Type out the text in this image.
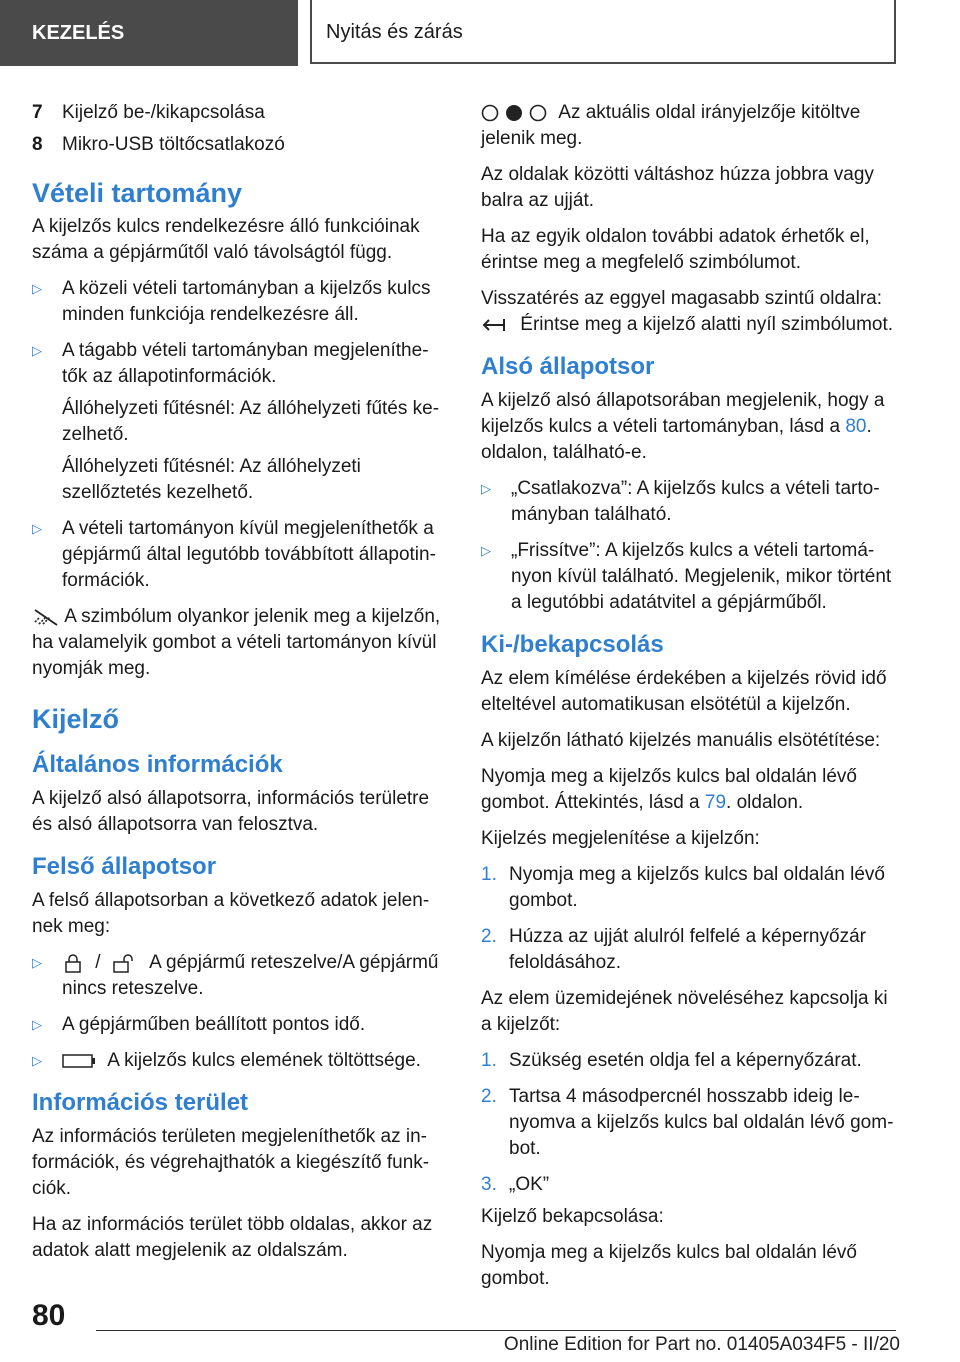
KEZELÉS	Nyitás és zárás
7	Kijelző be-/kikapcsolása
8	Mikro-USB töltőcsatlakozó
Vételi tartomány

A kijelzős kulcs rendelkezésre álló funkcióinak száma a gépjárműtől való távolságtól függ.

▷	A közeli vételi tartományban a kijelzős kulcs minden funkciója rendelkezésre áll.

▷	A tágabb vételi tartományban megjeleníthetők az állapotinformációk.

Állóhelyzeti fűtésnél: Az állóhelyzeti fűtés kezelhető.

Állóhelyzeti fűtésnél: Az állóhelyzeti szellőztetés kezelhető.

▷	A vételi tartományon kívül megjeleníthetők a gépjármű által legutóbb továbbított állapotinformációk.

A szimbólum olyankor jelenik meg a kijelzőn, ha valamelyik gombot a vételi tartományon kívül nyomják meg.

Kijelző
Általános információk

A kijelző alsó állapotsorra, információs területre és alsó állapotsorra van felosztva.

Felső állapotsor

A felső állapotsorban a következő adatok jelennek meg:

▷	/	A gépjármű reteszelve/A gépjármű nincs reteszelve.

▷	A gépjárműben beállított pontos idő.

▷	A kijelzős kulcs elemének töltöttsége.

Információs terület

Az információs területen megjeleníthetők az információk, és végrehajthatók a kiegészítő funkciók.

Ha az információs terület több oldalas, akkor az adatok alatt megjelenik az oldalszám.

Az aktuális oldal irányjelzője kitöltve jelenik meg.

Az oldalak közötti váltáshoz húzza jobbra vagy balra az ujját.

Ha az egyik oldalon további adatok érhetők el, érintse meg a megfelelő szimbólumot.

Visszatérés az eggyel magasabb szintű oldalra:

Érintse meg a kijelző alatti nyíl szimbólumot.

Alsó állapotsor

A kijelző alsó állapotsorában megjelenik, hogy a kijelzős kulcs a vételi tartományban, lásd a 80. oldalon, található-e.

▷	„Csatlakozva”: A kijelzős kulcs a vételi tartományban található.

▷	„Frissítve”: A kijelzős kulcs a vételi tartományon kívül található. Megjelenik, mikor történt a legutóbbi adatátvitel a gépjárműből.

Ki-/bekapcsolás

Az elem kímélése érdekében a kijelzés rövid idő elteltével automatikusan elsötétül a kijelzőn.

A kijelzőn látható kijelzés manuális elsötétítése:

Nyomja meg a kijelzős kulcs bal oldalán lévő gombot. Áttekintés, lásd a 79. oldalon.

Kijelzés megjelenítése a kijelzőn:

1. Nyomja meg a kijelzős kulcs bal oldalán lévő gombot.
2. Húzza az ujját alulról felfelé a képernyőzár feloldásához.

Az elem üzemidejének növeléséhez kapcsolja ki a kijelzőt:

1. Szükség esetén oldja fel a képernyőzárat.
2. Tartsa 4 másodpercnél hosszabb ideig lenyomva a kijelzős kulcs bal oldalán lévő gombot.
3. „OK”

Kijelző bekapcsolása:

Nyomja meg a kijelzős kulcs bal oldalán lévő gombot.

80
Online Edition for Part no. 01405A034F5 - II/20
